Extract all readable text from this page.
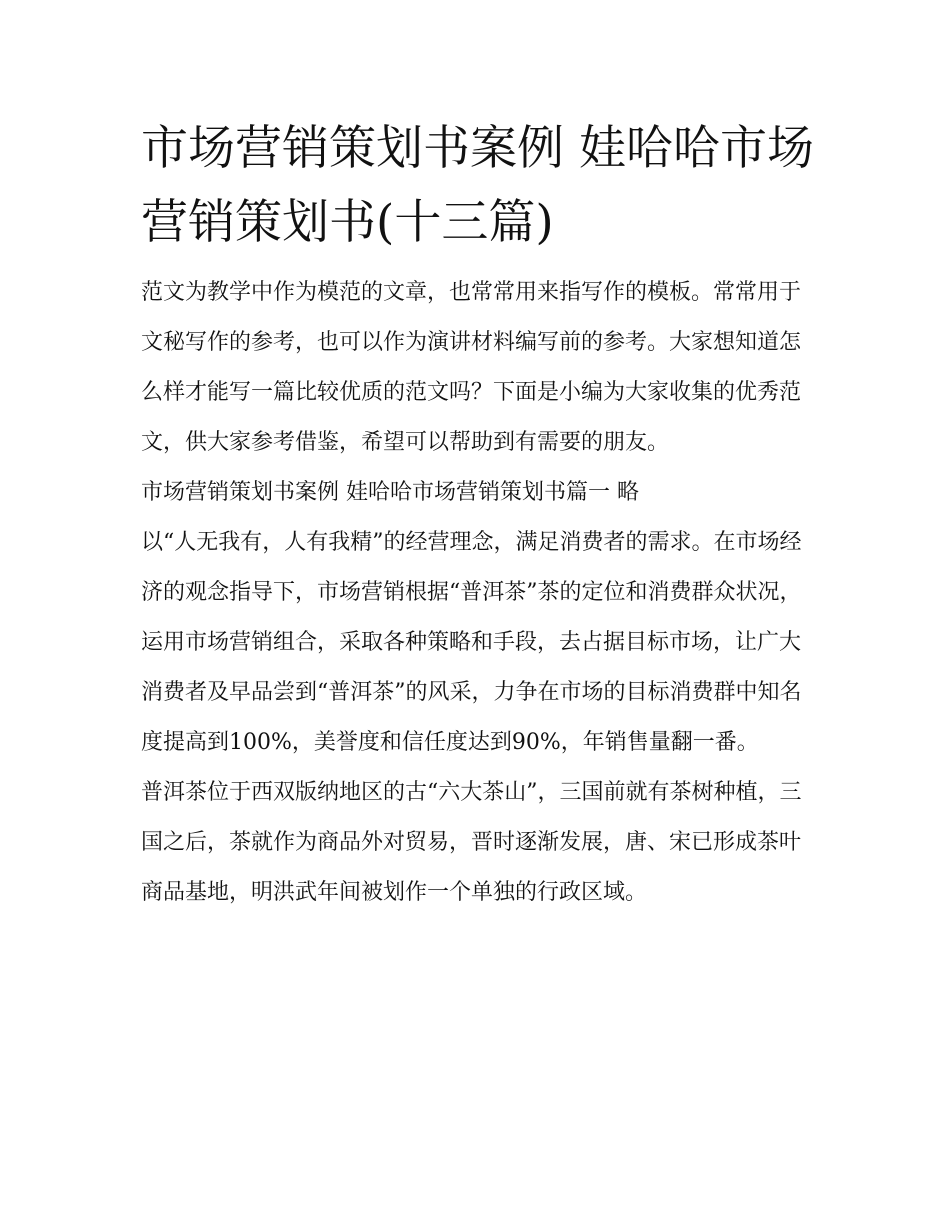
市场营销策划书案例 娃哈哈市场营销策划书(十三篇)

范文为教学中作为模范的文章，也常常用来指写作的模板。常常用于文秘写作的参考，也可以作为演讲材料编写前的参考。大家想知道怎么样才能写一篇比较优质的范文吗？下面是小编为大家收集的优秀范文，供大家参考借鉴，希望可以帮助到有需要的朋友。

市场营销策划书案例 娃哈哈市场营销策划书篇一 略

以“人无我有，人有我精”的经营理念，满足消费者的需求。在市场经济的观念指导下，市场营销根据“普洱茶”茶的定位和消费群众状况，运用市场营销组合，采取各种策略和手段，去占据目标市场，让广大消费者及早品尝到“普洱茶”的风采，力争在市场的目标消费群中知名度提高到100%，美誉度和信任度达到90%，年销售量翻一番。

普洱茶位于西双版纳地区的古“六大茶山”，三国前就有茶树种植，三国之后，茶就作为商品外对贸易，晋时逐渐发展，唐、宋已形成茶叶商品基地，明洪武年间被划作一个单独的行政区域。
